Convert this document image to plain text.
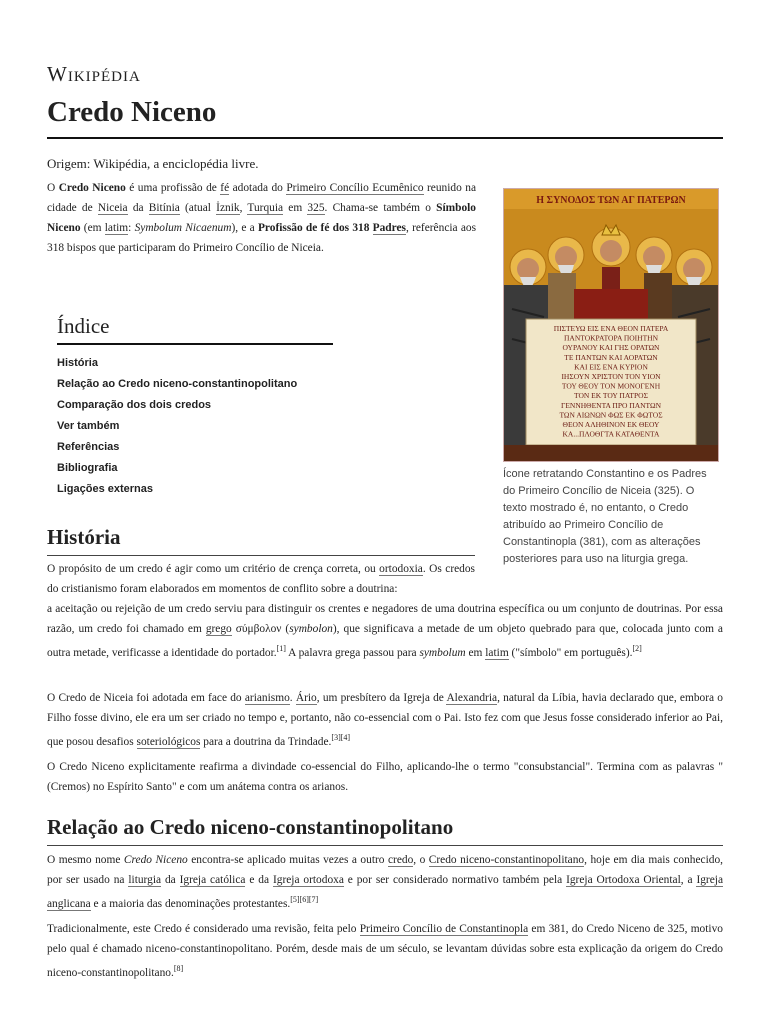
Wikipédia
Credo Niceno
Origem: Wikipédia, a enciclopédia livre.

O Credo Niceno é uma profissão de fé adotada do Primeiro Concílio Ecumênico reunido na cidade de Niceia da Bitínia (atual İznik, Turquia em 325. Chama-se também o Símbolo Niceno (em latim: Symbolum Nicaenum), e a Profissão de fé dos 318 Padres, referência aos 318 bispos que participaram do Primeiro Concílio de Niceia.

Η ΣΥΝΟΔΟΣ ΤΩΝ ΑΓ ΠΑΤΕΡΩΝ
ΠΙΣΤΕΥΩ ΕΙΣ ΕΝΑ ΘΕΟΝ ΠΑΤΕΡΑ
ΠΑΝΤΟΚΡΑΤΟΡΑ ΠΟΙΗΤΗΝ
ΟΥΡΑΝΟΥ ΚΑΙ ΓΗΣ ΟΡΑΤΩΝ
ΤΕ ΠΑΝΤΩΝ ΚΑΙ ΑΟΡΑΤΩΝ
ΚΑΙ ΕΙΣ ΕΝΑ ΚΥΡΙΟΝ
ΙΗΣΟΥΝ ΧΡΙΣΤΟΝ ΤΟΝ ΥΙΟΝ
ΤΟΥ ΘΕΟΥ ΤΟΝ ΜΟΝΟΓΕΝΗ
ΤΟΝ ΕΚ ΤΟΥ ΠΑΤΡΟΣ
ΓΕΝΝΗΘΕΝΤΑ ΠΡΟ ΠΑΝΤΩΝ
ΤΩΝ ΑΙΩΝΩΝ ΦΩΣ ΕΚ ΦΩΤΟΣ
ΘΕΟΝ ΑΛΗΘΙΝΟΝ ΕΚ ΘΕΟΥ
ΚΑ...ΠΛΟΘΓΤΑ ΚΑΤΑΘΕΝΤΑ
Ícone retratando Constantino e os Padres do Primeiro Concílio de Niceia (325). O texto mostrado é, no entanto, o Credo atribuído ao Primeiro Concílio de Constantinopla (381), com as alterações posteriores para uso na liturgia grega.
Índice
História
Relação ao Credo niceno-constantinopolitano
Comparação dos dois credos
Ver também
Referências
Bibliografia
Ligações externas
História

O propósito de um credo é agir como um critério de crença correta, ou ortodoxia. Os credos do cristianismo foram elaborados em momentos de conflito sobre a doutrina:

a aceitação ou rejeição de um credo serviu para distinguir os crentes e negadores de uma doutrina específica ou um conjunto de doutrinas. Por essa razão, um credo foi chamado em grego σύμβολον (symbolon), que significava a metade de um objeto quebrado para que, colocada junto com a outra metade, verificasse a identidade do portador.[1] A palavra grega passou para symbolum em latim ("símbolo" em português).[2]

O Credo de Niceia foi adotada em face do arianismo. Ário, um presbítero da Igreja de Alexandria, natural da Líbia, havia declarado que, embora o Filho fosse divino, ele era um ser criado no tempo e, portanto, não co-essencial com o Pai. Isto fez com que Jesus fosse considerado inferior ao Pai, que posou desafios soteriológicos para a doutrina da Trindade.[3][4]

O Credo Niceno explicitamente reafirma a divindade co-essencial do Filho, aplicando-lhe o termo "consubstancial". Termina com as palavras "(Cremos) no Espírito Santo" e com um anátema contra os arianos.

Relação ao Credo niceno-constantinopolitano

O mesmo nome Credo Niceno encontra-se aplicado muitas vezes a outro credo, o Credo niceno-constantinopolitano, hoje em dia mais conhecido, por ser usado na liturgia da Igreja católica e da Igreja ortodoxa e por ser considerado normativo também pela Igreja Ortodoxa Oriental, a Igreja anglicana e a maioria das denominações protestantes.[5][6][7]

Tradicionalmente, este Credo é considerado uma revisão, feita pelo Primeiro Concílio de Constantinopla em 381, do Credo Niceno de 325, motivo pelo qual é chamado niceno-constantinopolitano. Porém, desde mais de um século, se levantam dúvidas sobre esta explicação da origem do Credo niceno-constantinopolitano.[8]
